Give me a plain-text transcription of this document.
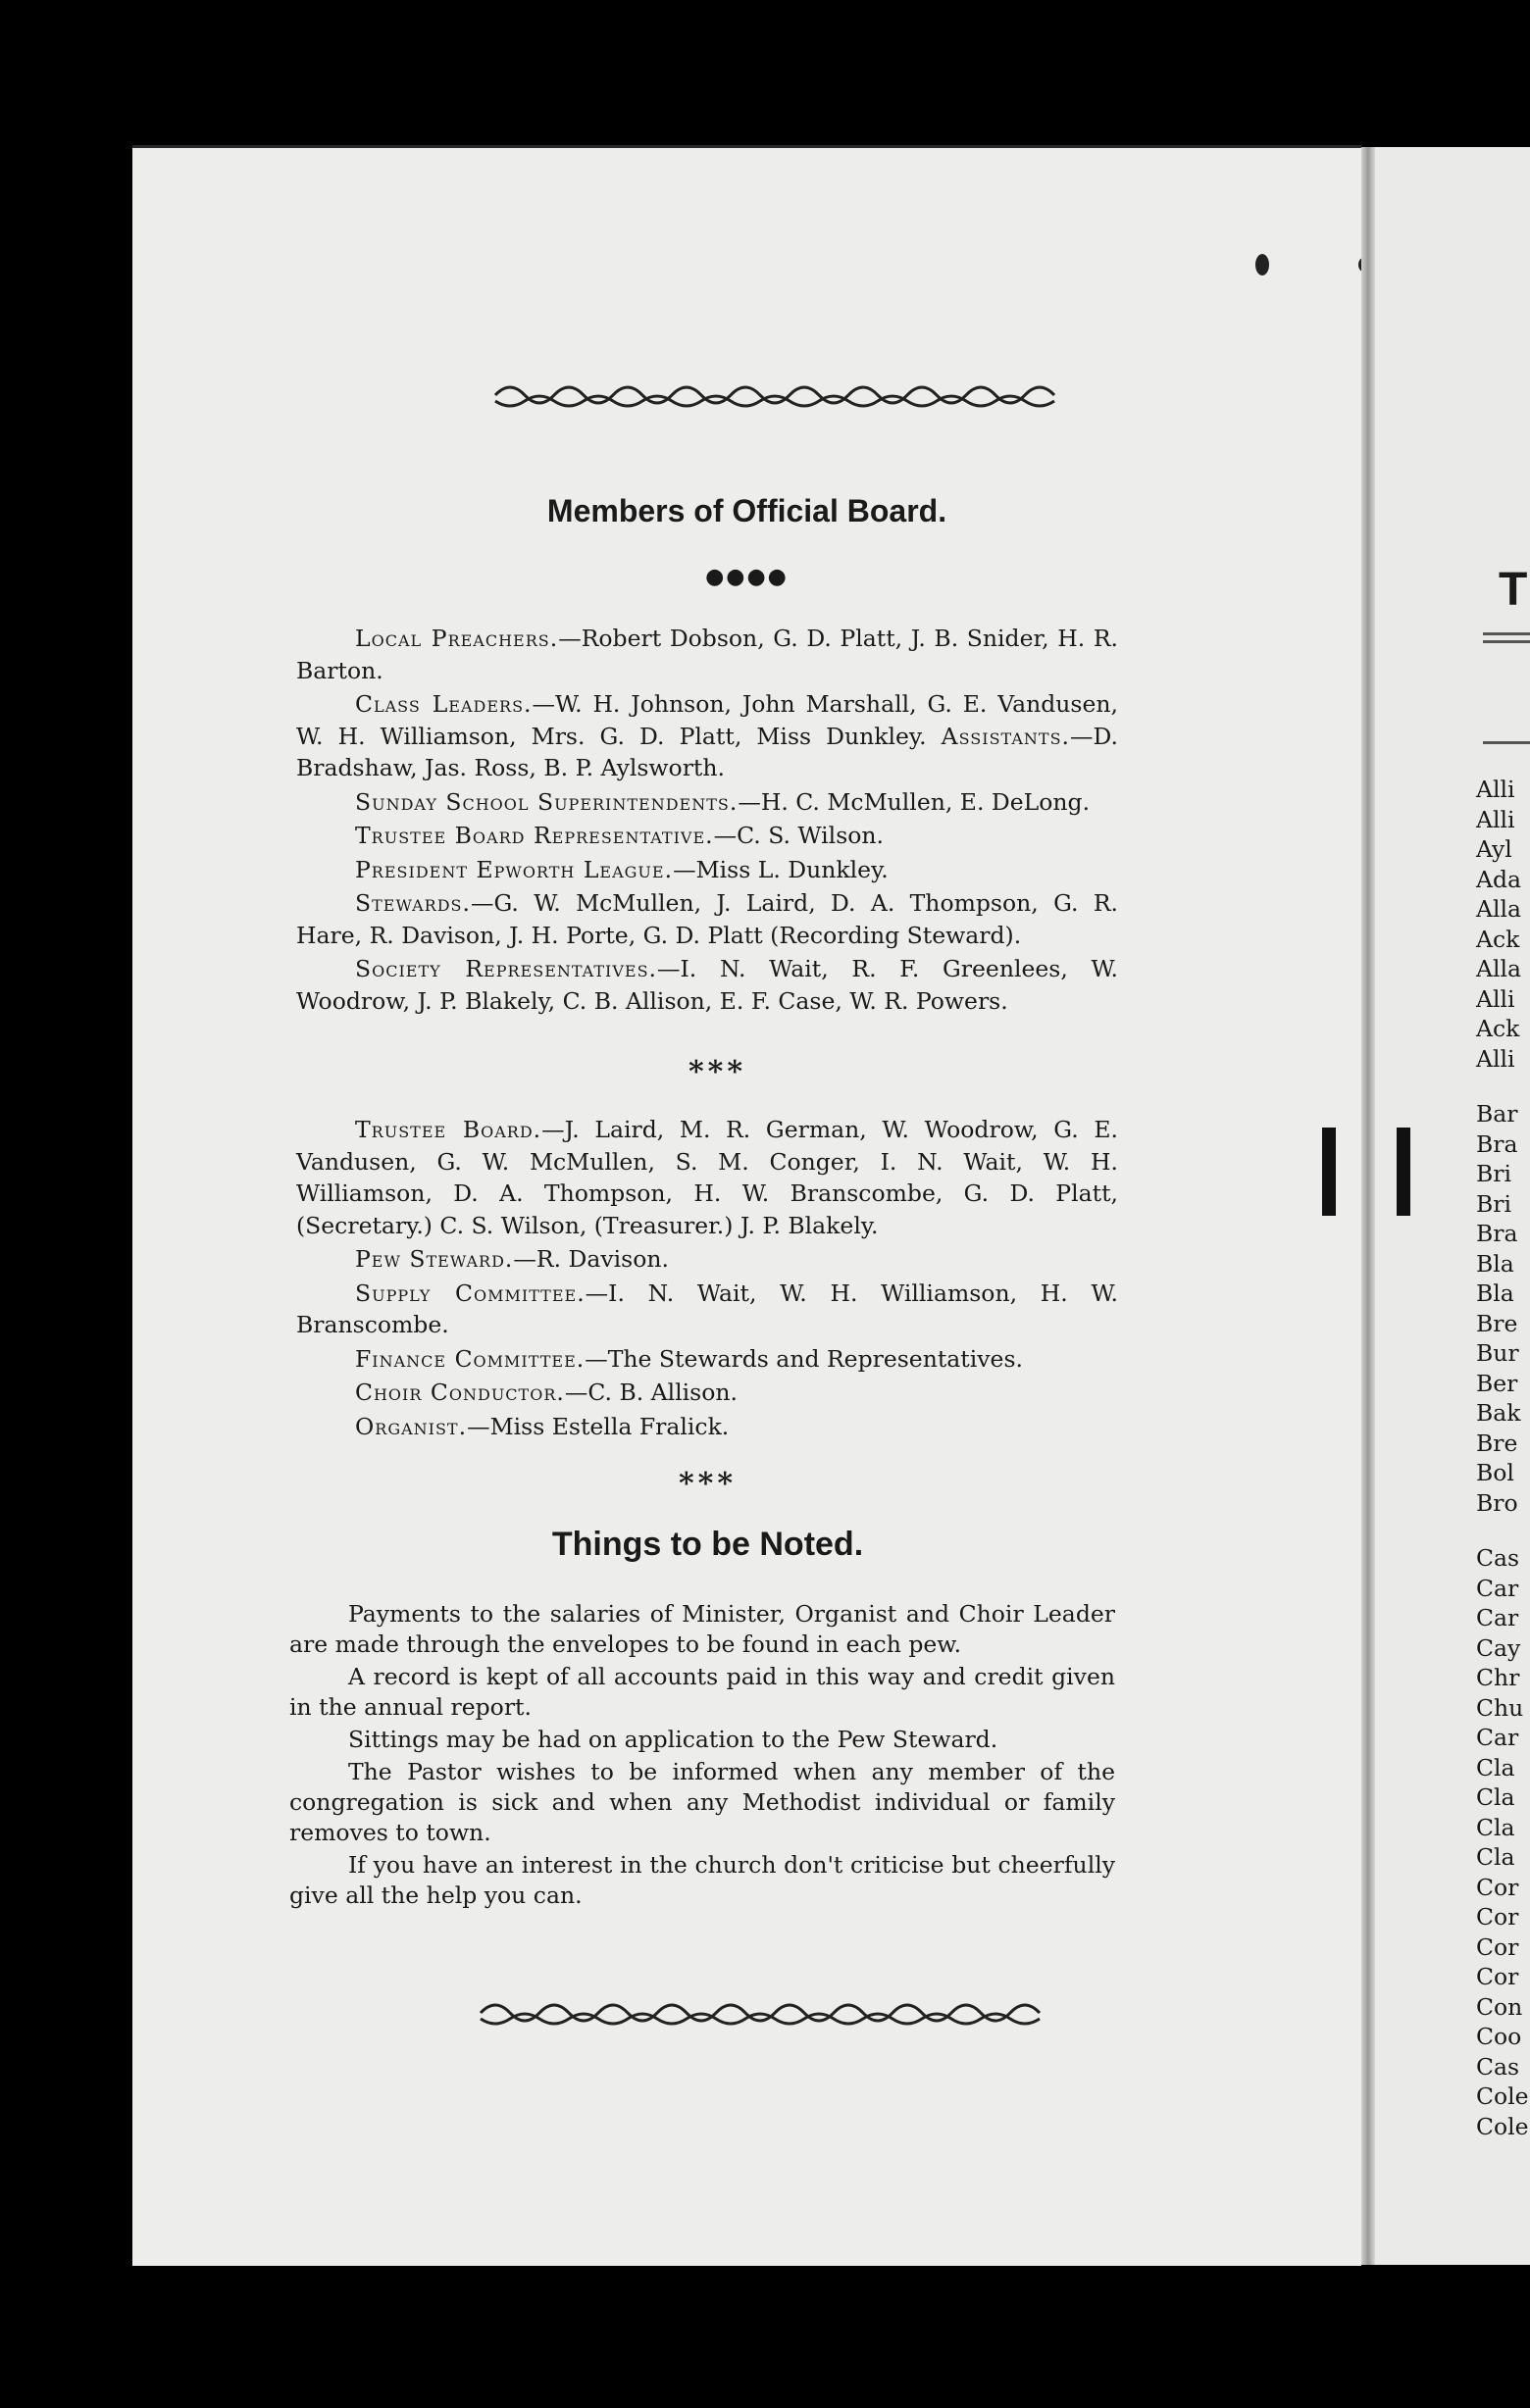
Members of Official Board.
●●●●

Local Preachers.—Robert Dobson, G. D. Platt, J. B. Snider, H. R. Barton.

Class Leaders.—W. H. Johnson, John Marshall, G. E. Vandusen, W. H. Williamson, Mrs. G. D. Platt, Miss Dunkley. Assistants.—D. Bradshaw, Jas. Ross, B. P. Aylsworth.

Sunday School Superintendents.—H. C. McMullen, E. DeLong.

Trustee Board Representative.—C. S. Wilson.

President Epworth League.—Miss L. Dunkley.

Stewards.—G. W. McMullen, J. Laird, D. A. Thompson, G. R. Hare, R. Davison, J. H. Porte, G. D. Platt (Recording Steward).

Society Representatives.—I. N. Wait, R. F. Greenlees, W. Woodrow, J. P. Blakely, C. B. Allison, E. F. Case, W. R. Powers.

***

Trustee Board.—J. Laird, M. R. German, W. Woodrow, G. E. Vandusen, G. W. McMullen, S. M. Conger, I. N. Wait, W. H. Williamson, D. A. Thompson, H. W. Branscombe, G. D. Platt, (Secretary.) C. S. Wilson, (Treasurer.) J. P. Blakely.

Pew Steward.—R. Davison.

Supply Committee.—I. N. Wait, W. H. Williamson, H. W. Branscombe.

Finance Committee.—The Stewards and Representatives.

Choir Conductor.—C. B. Allison.

Organist.—Miss Estella Fralick.

***
Things to be Noted.

Payments to the salaries of Minister, Organist and Choir Leader are made through the envelopes to be found in each pew.

A record is kept of all accounts paid in this way and credit given in the annual report.

Sittings may be had on application to the Pew Steward.

The Pastor wishes to be informed when any member of the congregation is sick and when any Methodist individual or family removes to town.

If you have an interest in the church don't criticise but cheerfully give all the help you can.

T
Alli
Alli
Ayl
Ada
Alla
Ack
Alla
Alli
Ack
Alli
Bar
Bra
Bri
Bri
Bra
Bla
Bla
Bre
Bur
Ber
Bak
Bre
Bol
Bro
Cas
Car
Car
Cay
Chr
Chu
Car
Cla
Cla
Cla
Cla
Cor
Cor
Cor
Cor
Con
Coo
Cas
Cole
Cole
